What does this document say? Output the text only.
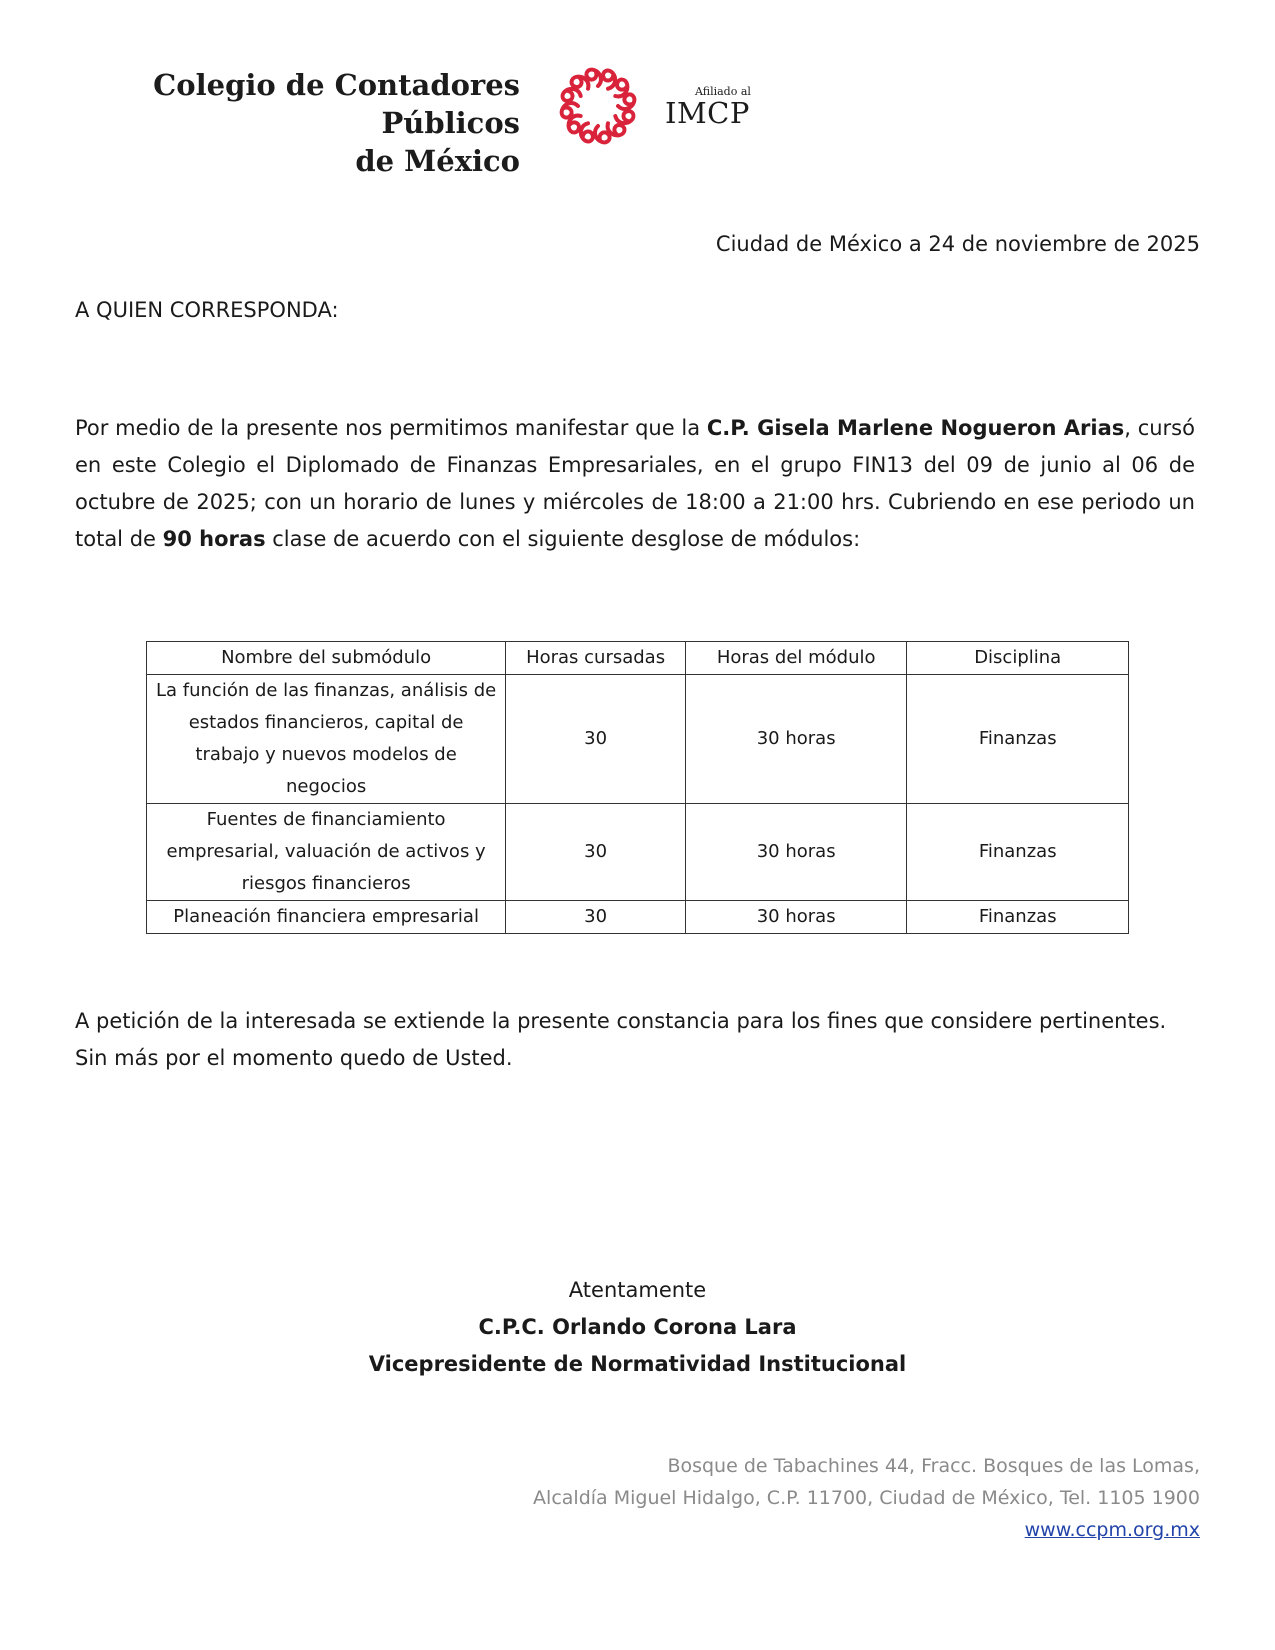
Colegio de Contadores Públicos
de México
Afiliado al
IMCP
Ciudad de México a 24 de noviembre de 2025
A QUIEN CORRESPONDA:

Por medio de la presente nos permitimos manifestar que la C.P. Gisela Marlene Nogueron Arias, cursó en este Colegio el Diplomado de Finanzas Empresariales, en el grupo FIN13 del 09 de junio al 06 de octubre de 2025; con un horario de lunes y miércoles de 18:00 a 21:00 hrs. Cubriendo en ese periodo un total de 90 horas clase de acuerdo con el siguiente desglose de módulos:

Nombre del submódulo	Horas cursadas	Horas del módulo	Disciplina
La función de las finanzas, análisis de estados financieros, capital de trabajo y nuevos modelos de negocios	30	30 horas	Finanzas
Fuentes de financiamiento empresarial, valuación de activos y riesgos financieros	30	30 horas	Finanzas
Planeación financiera empresarial	30	30 horas	Finanzas

A petición de la interesada se extiende la presente constancia para los fines que considere pertinentes.
Sin más por el momento quedo de Usted.

Atentamente
C.P.C. Orlando Corona Lara
Vicepresidente de Normatividad Institucional
Bosque de Tabachines 44, Fracc. Bosques de las Lomas,
Alcaldía Miguel Hidalgo, C.P. 11700, Ciudad de México, Tel. 1105 1900
www.ccpm.org.mx
